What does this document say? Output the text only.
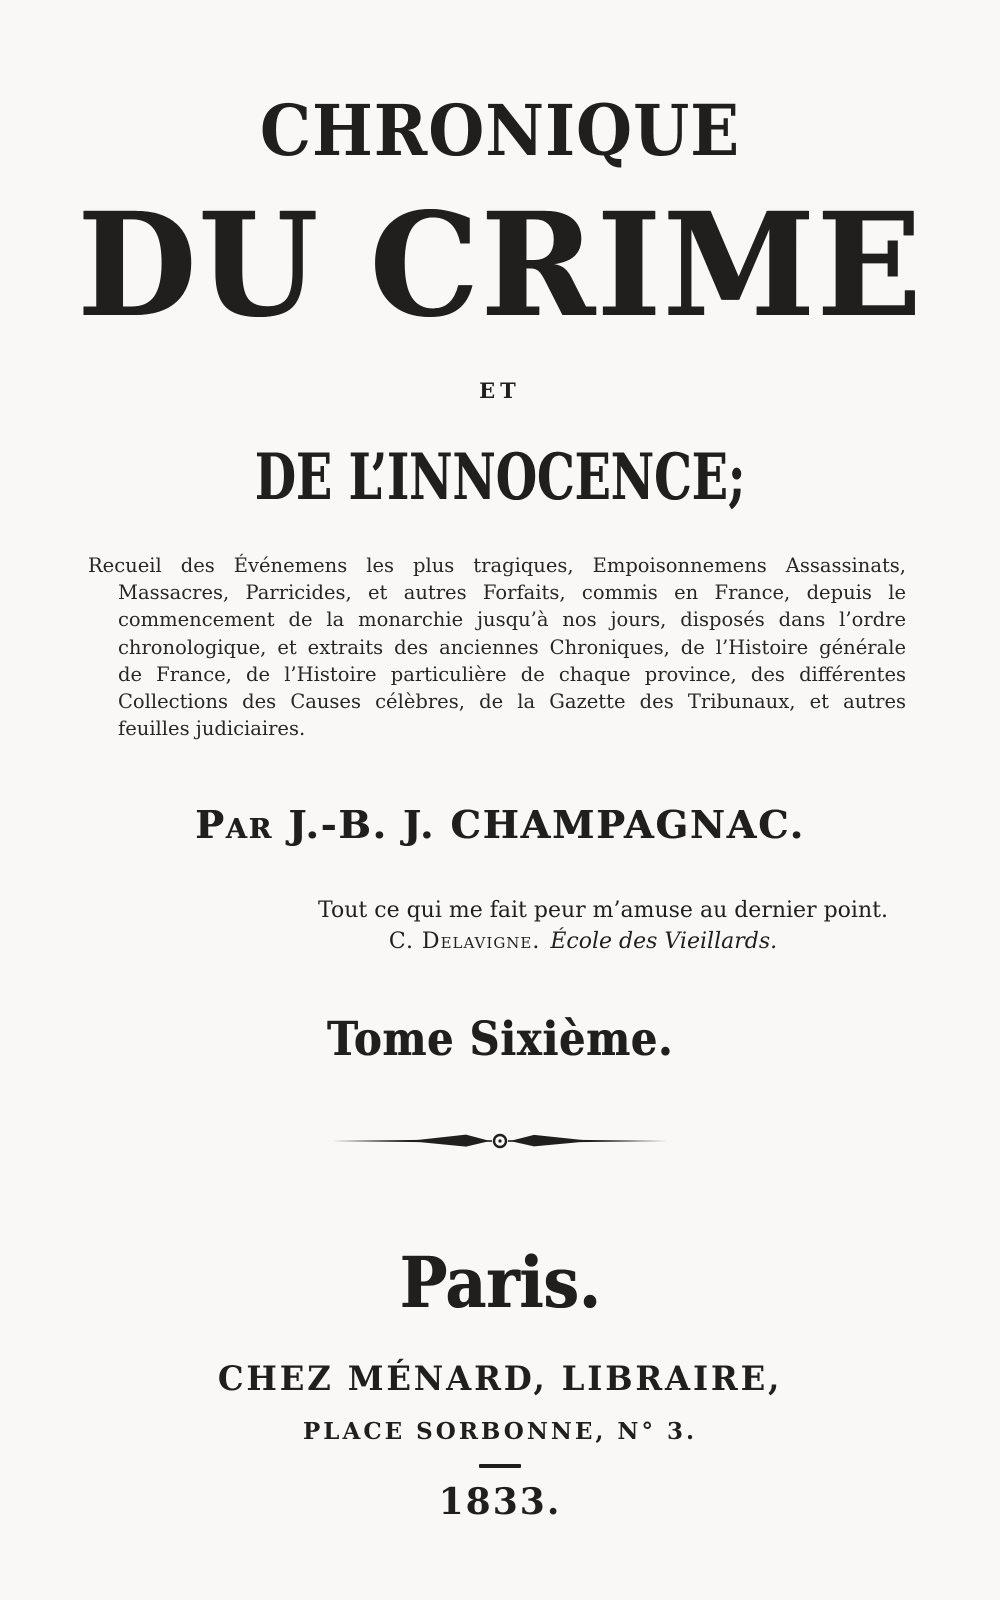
CHRONIQUE
DU CRIME
ET
DE L’INNOCENCE;
Recueil des Événemens les plus tragiques, Empoisonnemens Assassinats,
Massacres, Parricides, et autres Forfaits, commis en France, depuis le
commencement de la monarchie jusqu’à nos jours, disposés dans l’ordre
chronologique, et extraits des anciennes Chroniques, de l’Histoire générale
de France, de l’Histoire particulière de chaque province, des différentes
Collections des Causes célèbres, de la Gazette des Tribunaux, et autres
feuilles judiciaires.
Par J.-B. J. CHAMPAGNAC.
Tout ce qui me fait peur m’amuse au dernier point.
C. Delavigne. École des Vieillards.
Tome Sixième.
Paris.
CHEZ MÉNARD, LIBRAIRE,
PLACE SORBONNE, N° 3.
1833.
